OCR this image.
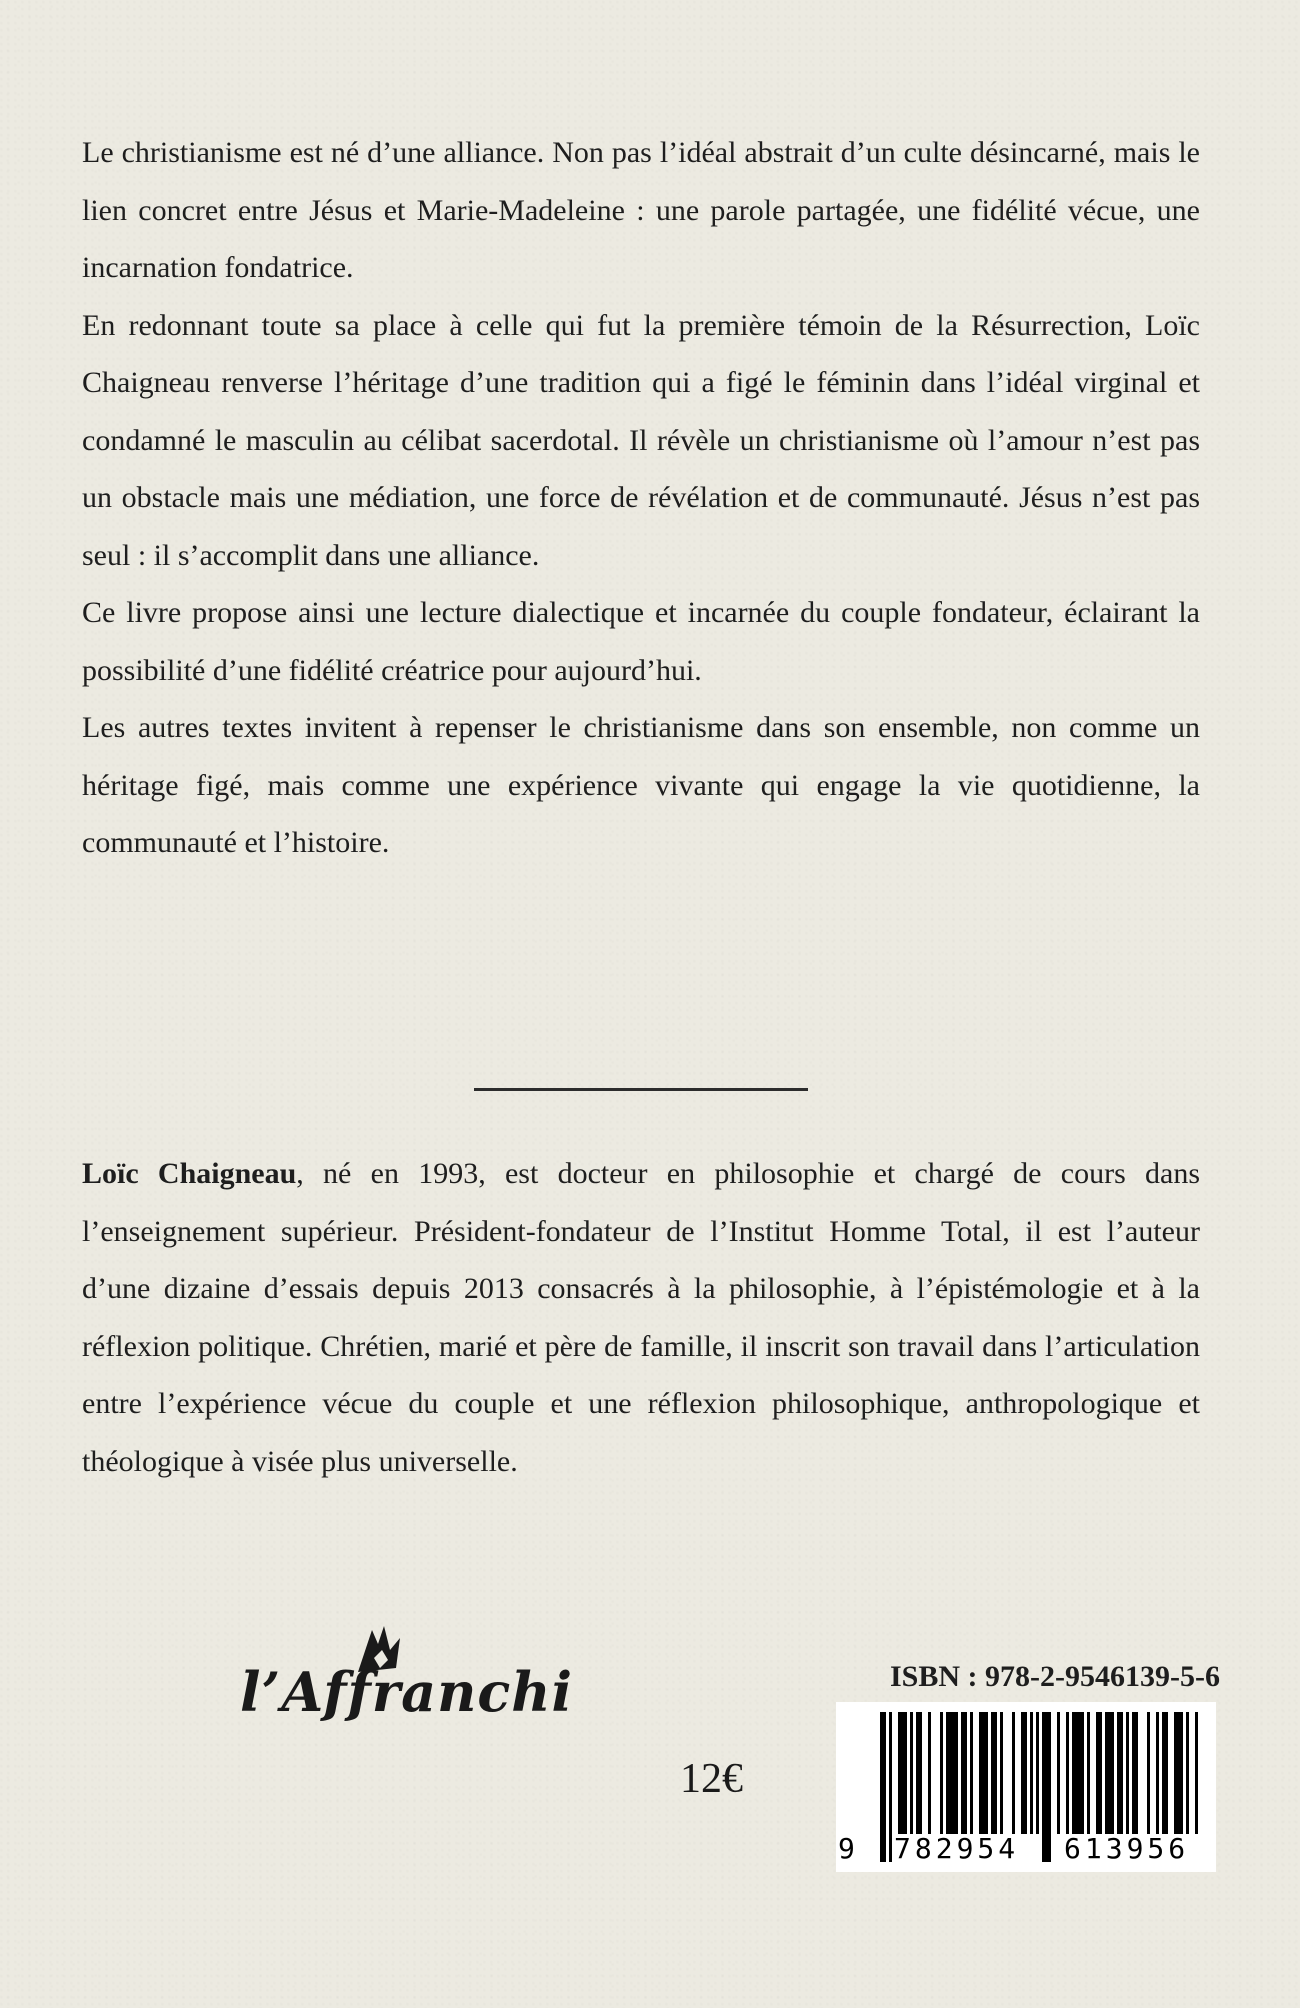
Le christianisme est né d’une alliance. Non pas l’idéal abstrait d’un culte désincarné, mais le lien concret entre Jésus et Marie-Madeleine : une parole partagée, une fidélité vécue, une incarnation fondatrice.

En redonnant toute sa place à celle qui fut la première témoin de la Résurrection, Loïc Chaigneau renverse l’héritage d’une tradition qui a figé le féminin dans l’idéal virginal et condamné le masculin au célibat sacerdotal. Il révèle un christianisme où l’amour n’est pas un obstacle mais une médiation, une force de révélation et de communauté. Jésus n’est pas seul : il s’accomplit dans une alliance.

Ce livre propose ainsi une lecture dialectique et incarnée du couple fondateur, éclairant la possibilité d’une fidélité créatrice pour aujourd’hui.

Les autres textes invitent à repenser le christianisme dans son ensemble, non comme un héritage figé, mais comme une expérience vivante qui engage la vie quotidienne, la communauté et l’histoire.

Loïc Chaigneau, né en 1993, est docteur en philosophie et chargé de cours dans l’enseignement supérieur. Président-fondateur de l’Institut Homme Total, il est l’auteur d’une dizaine d’essais depuis 2013 consacrés à la philosophie, à l’épistémologie et à la réflexion politique. Chrétien, marié et père de famille, il inscrit son travail dans l’articulation entre l’expérience vécue du couple et une réflexion philosophique, anthropologique et théologique à visée plus universelle.

l’Affranchi
12€
ISBN : 978-2-9546139-5-6
9 782954 613956
